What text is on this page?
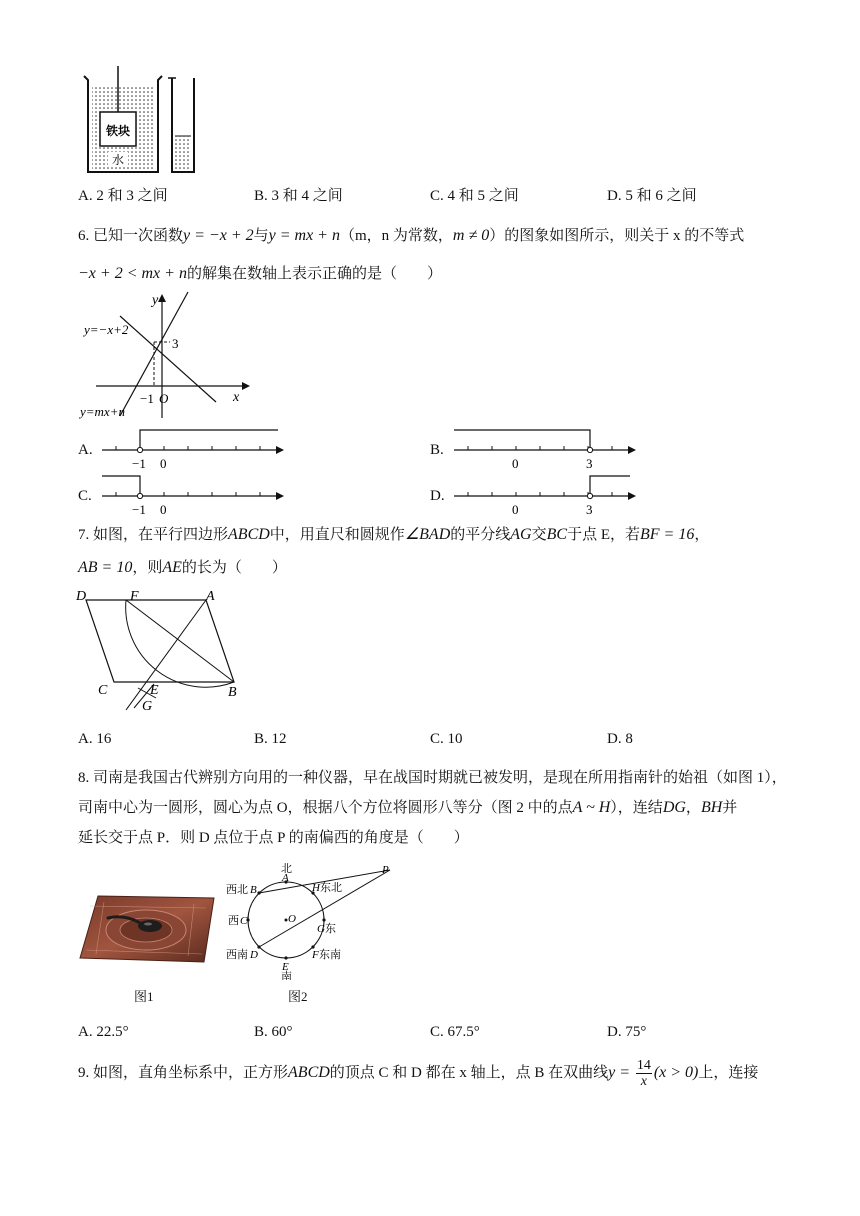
铁块
水
A. 2 和 3 之间	B. 3 和 4 之间	C. 4 和 5 之间	D. 5 和 6 之间
6. 已知一次函数y = −x + 2与y = mx + n（m，n 为常数，m ≠ 0）的图象如图所示，则关于 x 的不等式
−x + 2 < mx + n的解集在数轴上表示正确的是（　　）
y
x
O
−1
3
y=−x+2
y=mx+n
A.
−1 0
B.
0	3
C.
−1 0
D.
0	3
7. 如图，在平行四边形ABCD中，用直尺和圆规作∠BAD的平分线AG交BC于点 E，若BF = 16，
AB = 10，则AE的长为（　　）
D	F	A
C	E	B
G
A. 16	B. 12	C. 10	D. 8
8. 司南是我国古代辨别方向用的一种仪器，早在战国时期就已被发明，是现在所用指南针的始祖（如图 1），
司南中心为一圆形，圆心为点 O，根据八个方位将圆形八等分（图 2 中的点A ~ H），连结DG，BH并
延长交于点 P．则 D 点位于点 P 的南偏西的角度是（　　）
图1
北
A
西北 B	H 东北
P
西 C	O
G 东
西南 D	F 东南
E
南
图2
A. 22.5°	B. 60°	C. 67.5°	D. 75°
9. 如图，直角坐标系中，正方形ABCD的顶点 C 和 D 都在 x 轴上，点 B 在双曲线$y = \frac{14}{x} (x > 0)$上，连接
